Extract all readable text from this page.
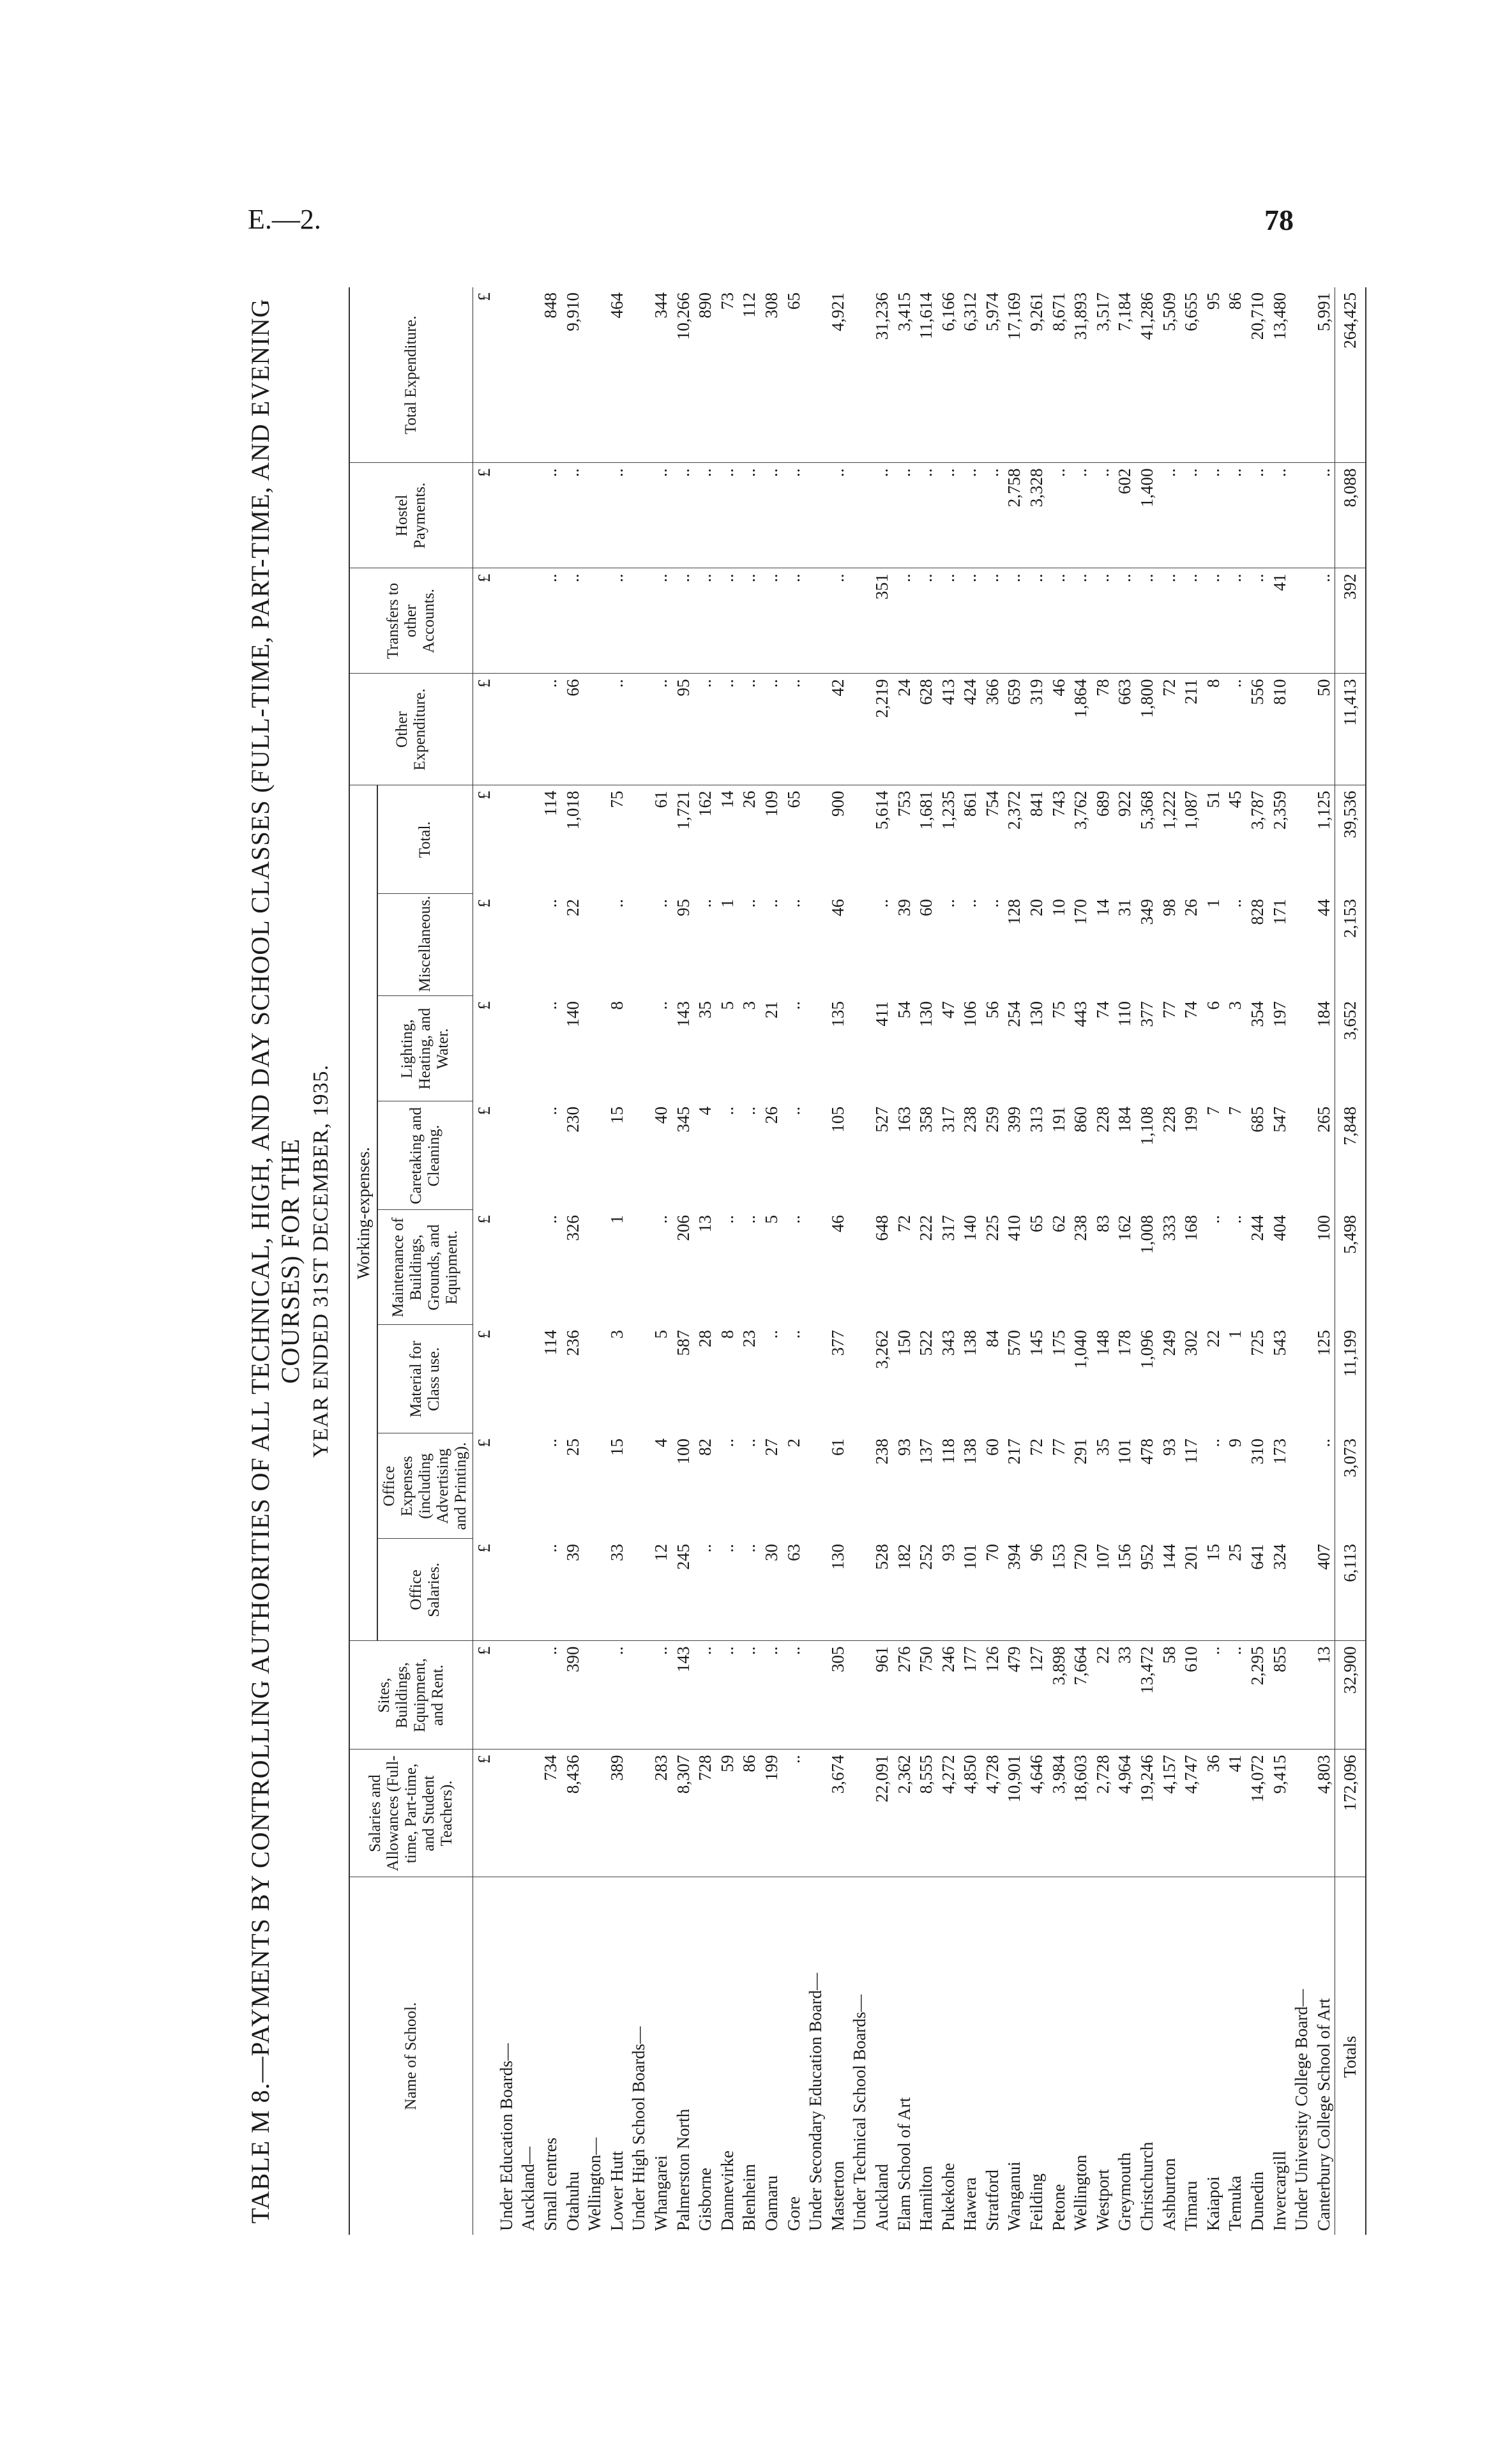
E.—2.	78
TABLE M 8.—PAYMENTS BY CONTROLLING AUTHORITIES OF ALL TECHNICAL, HIGH, AND DAY SCHOOL CLASSES (FULL-TIME, PART-TIME, AND EVENING COURSES) FOR THE YEAR ENDED 31ST DECEMBER, 1935.
Name of School.	Salaries and Allowances (Full-time, Part-time, and Student Teachers).	Sites, Buildings, Equipment, and Rent.	Working-expenses.								Other Expenditure.	Transfers to other Accounts.	Hostel Payments.	Total Expenditure.
			Office Salaries.	Office Expenses (including Advertising and Printing).	Material for Class use.	Maintenance of Buildings, Grounds, and Equipment.	Caretaking and Cleaning.	Lighting, Heating, and Water.	Miscellaneous.	Total.				
	£	£	£	£	£	£	£	£	£	£	£	£	£	£
Under Education Boards—														
Auckland—														
Small centres	734	..	..	..	114	..	..	..	..	114	..	..	..	848
Otahuhu	8,436	390	39	25	236	326	230	140	22	1,018	66	..	..	9,910
Wellington—														
Lower Hutt	389	..	33	15	3	1	15	8	..	75	..	..	..	464
Under High School Boards—														
Whangarei	283	..	12	4	5	..	40	..	..	61	..	..	..	344
Palmerston North	8,307	143	245	100	587	206	345	143	95	1,721	95	..	..	10,266
Gisborne	728	..	..	82	28	13	4	35	..	162	..	..	..	890
Dannevirke	59	..	..	..	8	..	..	5	1	14	..	..	..	73
Blenheim	86	..	..	..	23	..	..	3	..	26	..	..	..	112
Oamaru	199	..	30	27	..	5	26	21	..	109	..	..	..	308
Gore	..	..	63	2	..	..	..	..	..	65	..	..	..	65
Under Secondary Education Board—														
Masterton	3,674	305	130	61	377	46	105	135	46	900	42	..	..	4,921
Under Technical School Boards—														
Auckland	22,091	961	528	238	3,262	648	527	411	..	5,614	2,219	351	..	31,236
Elam School of Art	2,362	276	182	93	150	72	163	54	39	753	24	..	..	3,415
Hamilton	8,555	750	252	137	522	222	358	130	60	1,681	628	..	..	11,614
Pukekohe	4,272	246	93	118	343	317	317	47	..	1,235	413	..	..	6,166
Hawera	4,850	177	101	138	138	140	238	106	..	861	424	..	..	6,312
Stratford	4,728	126	70	60	84	225	259	56	..	754	366	..	..	5,974
Wanganui	10,901	479	394	217	570	410	399	254	128	2,372	659	..	2,758	17,169
Feilding	4,646	127	96	72	145	65	313	130	20	841	319	..	3,328	9,261
Petone	3,984	3,898	153	77	175	62	191	75	10	743	46	..	..	8,671
Wellington	18,603	7,664	720	291	1,040	238	860	443	170	3,762	1,864	..	..	31,893
Westport	2,728	22	107	35	148	83	228	74	14	689	78	..	..	3,517
Greymouth	4,964	33	156	101	178	162	184	110	31	922	663	..	602	7,184
Christchurch	19,246	13,472	952	478	1,096	1,008	1,108	377	349	5,368	1,800	..	1,400	41,286
Ashburton	4,157	58	144	93	249	333	228	77	98	1,222	72	..	..	5,509
Timaru	4,747	610	201	117	302	168	199	74	26	1,087	211	..	..	6,655
Kaiapoi	36	..	15	..	22	..	7	6	1	51	8	..	..	95
Temuka	41	..	25	9	1	..	7	3	..	45	..	..	..	86
Dunedin	14,072	2,295	641	310	725	244	685	354	828	3,787	556	..	..	20,710
Invercargill	9,415	855	324	173	543	404	547	197	171	2,359	810	41	..	13,480
Under University College Board—														
Canterbury College School of Art	4,803	13	407	..	125	100	265	184	44	1,125	50	..	..	5,991
Totals	172,096	32,900	6,113	3,073	11,199	5,498	7,848	3,652	2,153	39,536	11,413	392	8,088	264,425
